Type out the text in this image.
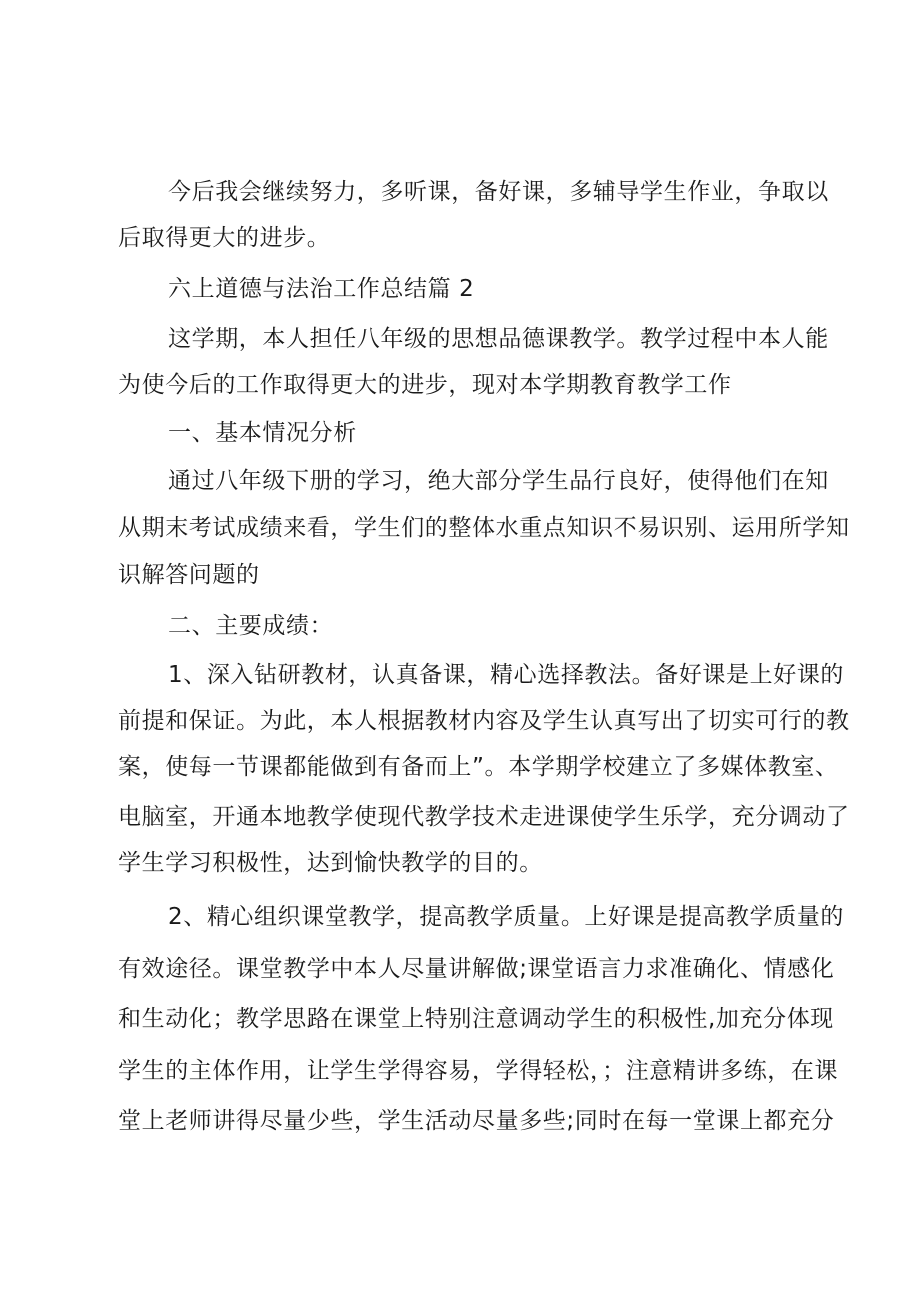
今后我会继续努力，多听课，备好课，多辅导学生作业，争取以
后取得更大的进步。
六上道德与法治工作总结篇 2
这学期，本人担任八年级的思想品德课教学。教学过程中本人能
为使今后的工作取得更大的进步，现对本学期教育教学工作
一、基本情况分析
通过八年级下册的学习，绝大部分学生品行良好，使得他们在知
从期末考试成绩来看，学生们的整体水重点知识不易识别、运用所学知
识解答问题的
二、主要成绩：
1、深入钻研教材，认真备课，精心选择教法。备好课是上好课的
前提和保证。为此，本人根据教材内容及学生认真写出了切实可行的教
案，使每一节课都能做到有备而上”。本学期学校建立了多媒体教室、
电脑室，开通本地教学使现代教学技术走进课使学生乐学，充分调动了
学生学习积极性，达到愉快教学的目的。
2、精心组织课堂教学，提高教学质量。上好课是提高教学质量的
有效途径。课堂教学中本人尽量讲解做;课堂语言力求准确化、情感化
和生动化；教学思路在课堂上特别注意调动学生的积极性,加充分体现
学生的主体作用，让学生学得容易，学得轻松，；注意精讲多练，在课
堂上老师讲得尽量少些，学生活动尽量多些;同时在每一堂课上都充分
